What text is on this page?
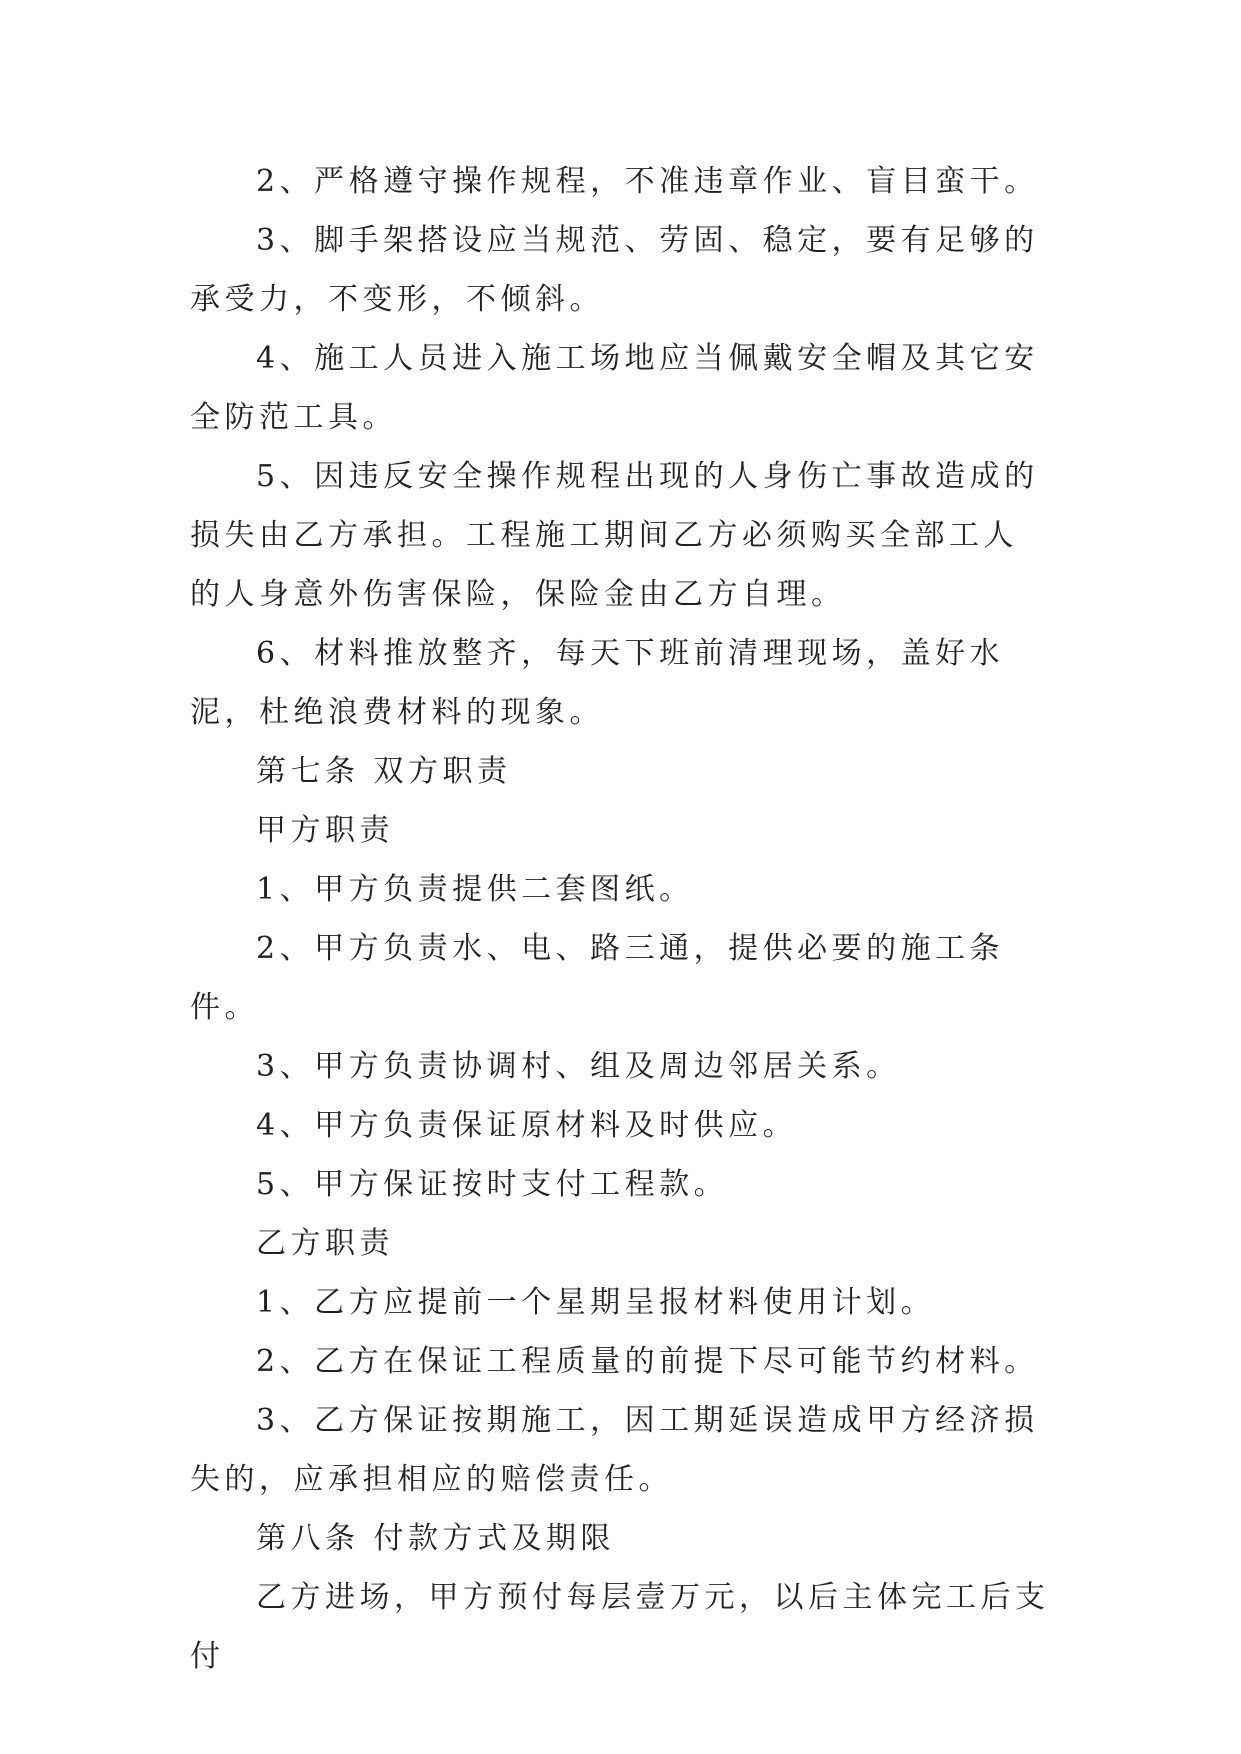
2、严格遵守操作规程，不准违章作业、盲目蛮干。

3、脚手架搭设应当规范、劳固、稳定，要有足够的承受力，不变形，不倾斜。

4、施工人员进入施工场地应当佩戴安全帽及其它安全防范工具。

5、因违反安全操作规程出现的人身伤亡事故造成的损失由乙方承担。工程施工期间乙方必须购买全部工人的人身意外伤害保险，保险金由乙方自理。

6、材料推放整齐，每天下班前清理现场，盖好水泥，杜绝浪费材料的现象。

第七条 双方职责

甲方职责

1、甲方负责提供二套图纸。

2、甲方负责水、电、路三通，提供必要的施工条件。

3、甲方负责协调村、组及周边邻居关系。

4、甲方负责保证原材料及时供应。

5、甲方保证按时支付工程款。

乙方职责

1、乙方应提前一个星期呈报材料使用计划。

2、乙方在保证工程质量的前提下尽可能节约材料。

3、乙方保证按期施工，因工期延误造成甲方经济损失的，应承担相应的赔偿责任。

第八条 付款方式及期限

乙方进场，甲方预付每层壹万元，以后主体完工后支付
